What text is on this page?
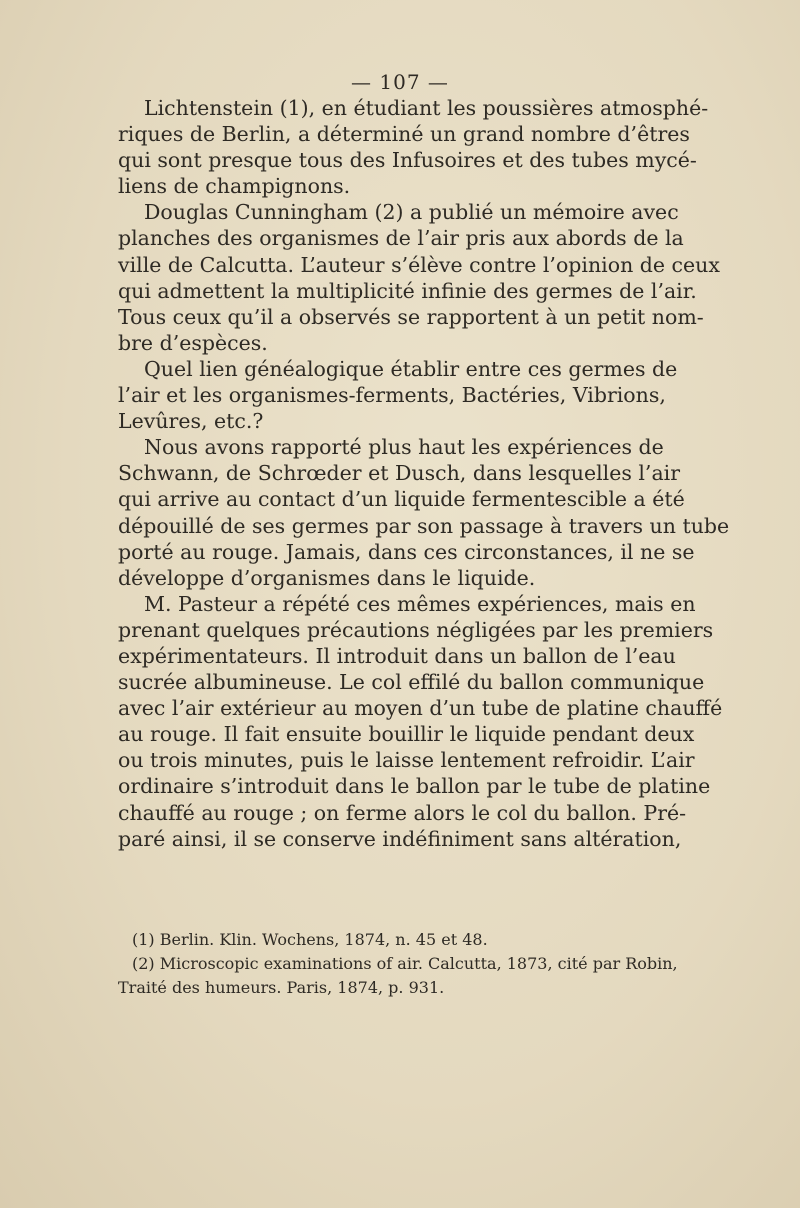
— 107 —
Lichtenstein (1), en étudiant les poussières atmosphé-
riques de Berlin, a déterminé un grand nombre d’êtres
qui sont presque tous des Infusoires et des tubes mycé-
liens de champignons.
Douglas Cunningham (2) a publié un mémoire avec
planches des organismes de l’air pris aux abords de la
ville de Calcutta. L’auteur s’élève contre l’opinion de ceux
qui admettent la multiplicité infinie des germes de l’air.
Tous ceux qu’il a observés se rapportent à un petit nom-
bre d’espèces.
Quel lien généalogique établir entre ces germes de
l’air et les organismes-ferments, Bactéries, Vibrions,
Levûres, etc.?
Nous avons rapporté plus haut les expériences de
Schwann, de Schrœder et Dusch, dans lesquelles l’air
qui arrive au contact d’un liquide fermentescible a été
dépouillé de ses germes par son passage à travers un tube
porté au rouge. Jamais, dans ces circonstances, il ne se
développe d’organismes dans le liquide.
M. Pasteur a répété ces mêmes expériences, mais en
prenant quelques précautions négligées par les premiers
expérimentateurs. Il introduit dans un ballon de l’eau
sucrée albumineuse. Le col effilé du ballon communique
avec l’air extérieur au moyen d’un tube de platine chauffé
au rouge. Il fait ensuite bouillir le liquide pendant deux
ou trois minutes, puis le laisse lentement refroidir. L’air
ordinaire s’introduit dans le ballon par le tube de platine
chauffé au rouge ; on ferme alors le col du ballon. Pré-
paré ainsi, il se conserve indéfiniment sans altération,
(1) Berlin. Klin. Wochens, 1874, n. 45 et 48.
(2) Microscopic examinations of air. Calcutta, 1873, cité par Robin,
Traité des humeurs. Paris, 1874, p. 931.
